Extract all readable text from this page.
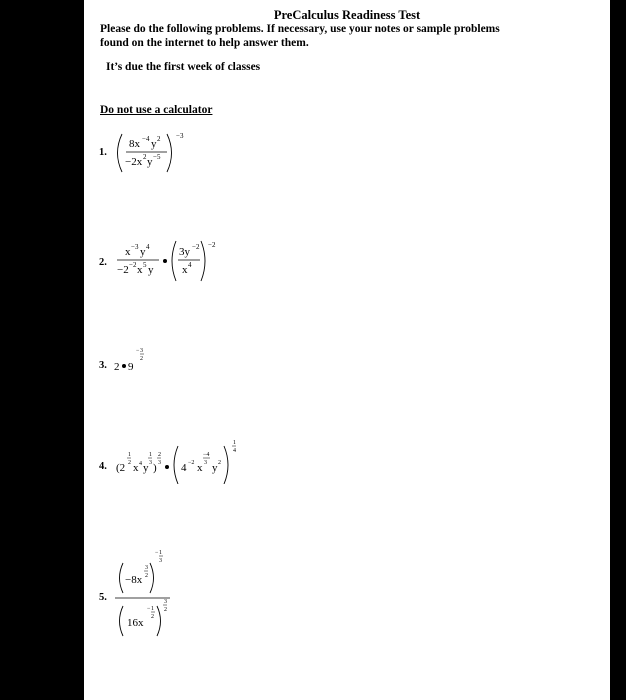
PreCalculus Readiness Test
Please do the following problems. If necessary, use your notes or sample problems
found on the internet to help answer them.
It’s due the first week of classes
Do not use a calculator
1.
8x −4 y 2
−2x 2 y −5
−3
2.
x −3 y 4
−2 −2 x 5 y
3y −2
x 4
−2
3. 2 9
− 3
2
4. (2
1
2 x 4 y
1
3 )
2
3 4 −2 x
−4
3 y 2
1
4
5.
−8x
3
2
− 1
3
16x
− 1
2
3
2
